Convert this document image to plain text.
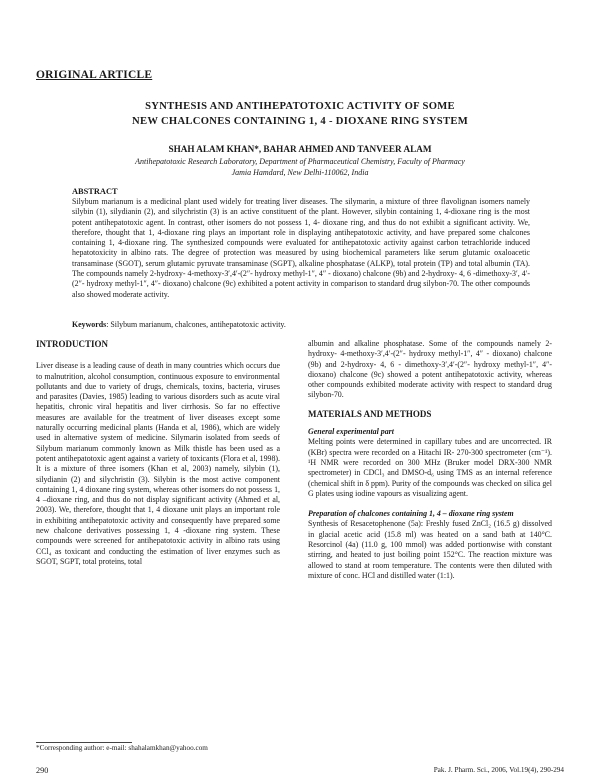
ORIGINAL ARTICLE
SYNTHESIS AND ANTIHEPATOTOXIC ACTIVITY OF SOME
NEW CHALCONES CONTAINING 1, 4 - DIOXANE RING SYSTEM
SHAH ALAM KHAN*, BAHAR AHMED AND TANVEER ALAM
Antihepatotoxic Research Laboratory, Department of Pharmaceutical Chemistry, Faculty of Pharmacy
Jamia Hamdard, New Delhi-110062, India
ABSTRACT
Silybum marianum is a medicinal plant used widely for treating liver diseases. The silymarin, a mixture of three flavolignan isomers namely silybin (1), silydianin (2), and silychristin (3) is an active constituent of the plant. However, silybin containing 1, 4-dioxane ring is the most potent antihepatotoxic agent. In contrast, other isomers do not possess 1, 4- dioxane ring, and thus do not exhibit a significant activity. We, therefore, thought that 1, 4-dioxane ring plays an important role in displaying antihepatotoxic activity, and have prepared some chalcones containing 1, 4-dioxane ring. The synthesized compounds were evaluated for antihepatotoxic activity against carbon tetrachloride induced hepatotoxicity in albino rats. The degree of protection was measured by using biochemical parameters like serum glutamic oxaloacetic transaminase (SGOT), serum glutamic pyruvate transaminase (SGPT), alkaline phosphatase (ALKP), total protein (TP) and total albumin (TA). The compounds namely 2-hydroxy- 4-methoxy-3′,4′-(2″- hydroxy methyl-1″, 4″ - dioxano) chalcone (9b) and 2-hydroxy- 4, 6 -dimethoxy-3′, 4′-(2″- hydroxy methyl-1″, 4″- dioxano) chalcone (9c) exhibited a potent activity in comparison to standard drug silybon-70. The other compounds also showed moderate activity.
Keywords: Silybum marianum, chalcones, antihepatotoxic activity.
INTRODUCTION

Liver disease is a leading cause of death in many countries which occurs due to malnutrition, alcohol consumption, continuous exposure to environmental pollutants and due to variety of drugs, chemicals, toxins, bacteria, viruses and parasites (Davies, 1985) leading to various disorders such as acute viral hepatitis, chronic viral hepatitis and liver cirrhosis. So far no effective measures are available for the treatment of liver diseases except some naturally occurring medicinal plants (Handa et al, 1986), which are widely used in alternative system of medicine. Silymarin isolated from seeds of Silybum marianum commonly known as Milk thistle has been used as a potent antihepatotoxic agent against a variety of toxicants (Flora et al, 1998). It is a mixture of three isomers (Khan et al, 2003) namely, silybin (1), silydianin (2) and silychristin (3). Silybin is the most active component containing 1, 4 dioxane ring system, whereas other isomers do not possess 1, 4 –dioxane ring, and thus do not display significant activity (Ahmed et al, 2003). We, therefore, thought that 1, 4 dioxane unit plays an important role in exhibiting antihepatotoxic activity and consequently have prepared some new chalcone derivatives possessing 1, 4 -dioxane ring system. These compounds were screened for antihepatotoxic activity in albino rats using CCl₄ as toxicant and conducting the estimation of liver enzymes such as SGOT, SGPT, total proteins, total

albumin and alkaline phosphatase. Some of the compounds namely 2-hydroxy- 4-methoxy-3′,4′-(2″- hydroxy methyl-1″, 4″ - dioxano) chalcone (9b) and 2-hydroxy- 4, 6 - dimethoxy-3′,4′-(2″- hydroxy methyl-1″, 4″- dioxano) chalcone (9c) showed a potent antihepatotoxic activity, whereas other compounds exhibited moderate activity with respect to standard drug silybon-70.

MATERIALS AND METHODS
General experimental part

Melting points were determined in capillary tubes and are uncorrected. IR (KBr) spectra were recorded on a Hitachi IR- 270-300 spectrometer (cm⁻¹). ¹H NMR were recorded on 300 MHz (Bruker model DRX-300 NMR spectrometer) in CDCl₃ and DMSO-d₆ using TMS as an internal reference (chemical shift in δ ppm). Purity of the compounds was checked on silica gel G plates using iodine vapours as visualizing agent.

Preparation of chalcones containing 1, 4 – dioxane ring system

Synthesis of Resacetophenone (5a): Freshly fused ZnCl₂ (16.5 g) dissolved in glacial acetic acid (15.8 ml) was heated on a sand bath at 140°C. Resorcinol (4a) (11.0 g, 100 mmol) was added portionwise with constant stirring, and heated to just boiling point 152°C. The reaction mixture was allowed to stand at room temperature. The contents were then diluted with mixture of conc. HCl and distilled water (1:1).

*Corresponding author: e-mail: shahalamkhan@yahoo.com
290	Pak. J. Pharm. Sci., 2006, Vol.19(4), 290-294
